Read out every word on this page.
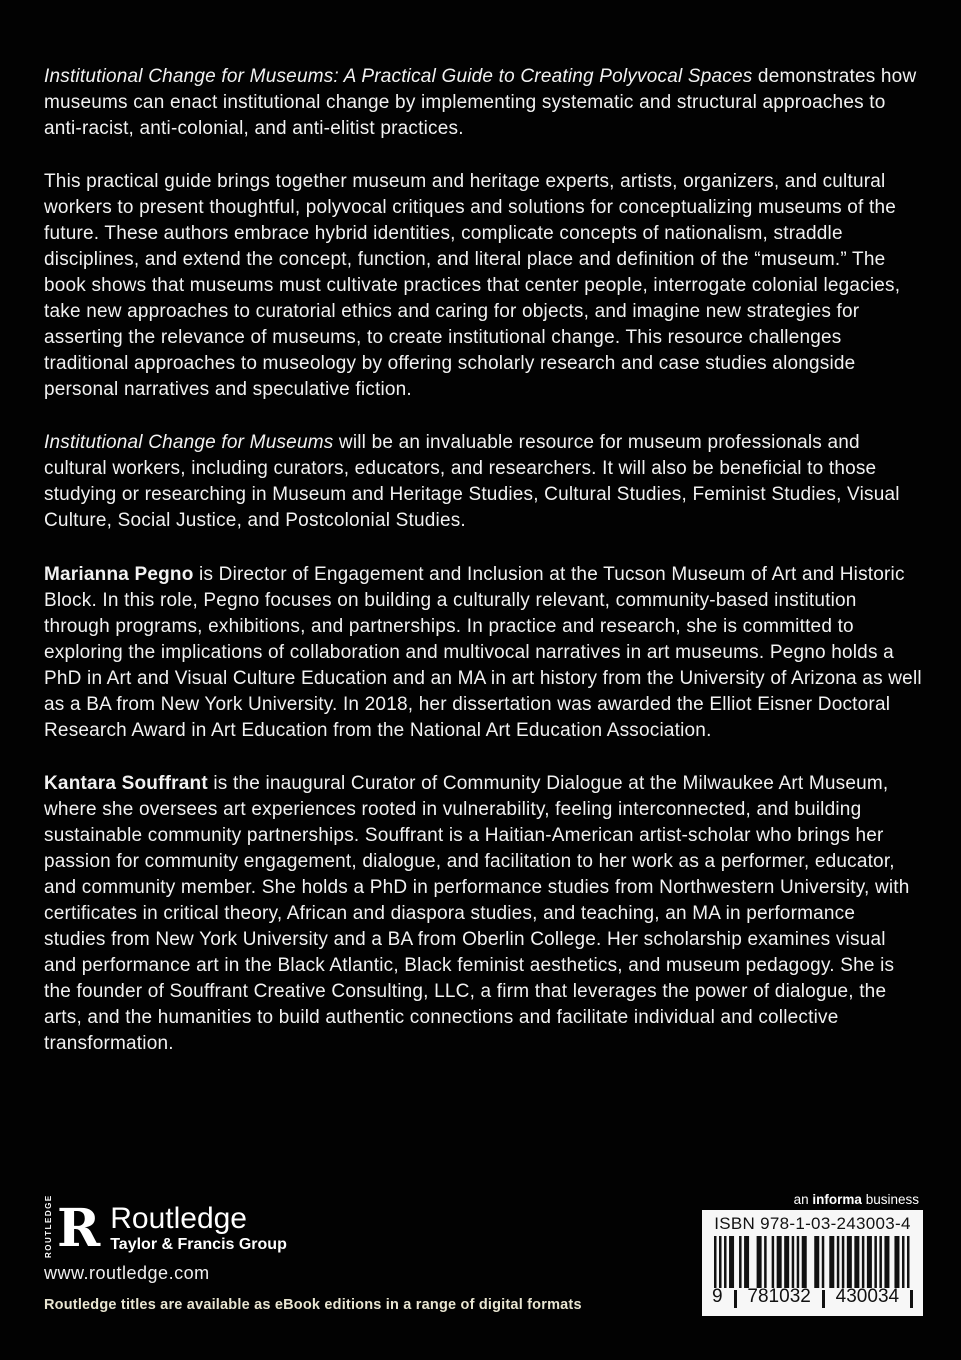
Institutional Change for Museums: A Practical Guide to Creating Polyvocal Spaces demonstrates how museums can enact institutional change by implementing systematic and structural approaches to anti-racist, anti-colonial, and anti-elitist practices.

This practical guide brings together museum and heritage experts, artists, organizers, and cultural workers to present thoughtful, polyvocal critiques and solutions for conceptualizing museums of the future. These authors embrace hybrid identities, complicate concepts of nationalism, straddle disciplines, and extend the concept, function, and literal place and definition of the “museum.” The book shows that museums must cultivate practices that center people, interrogate colonial legacies, take new approaches to curatorial ethics and caring for objects, and imagine new strategies for asserting the relevance of museums, to create institutional change. This resource challenges traditional approaches to museology by offering scholarly research and case studies alongside personal narratives and speculative fiction.

Institutional Change for Museums will be an invaluable resource for museum professionals and cultural workers, including curators, educators, and researchers. It will also be beneficial to those studying or researching in Museum and Heritage Studies, Cultural Studies, Feminist Studies, Visual Culture, Social Justice, and Postcolonial Studies.

Marianna Pegno is Director of Engagement and Inclusion at the Tucson Museum of Art and Historic Block. In this role, Pegno focuses on building a culturally relevant, community-based institution through programs, exhibitions, and partnerships. In practice and research, she is committed to exploring the implications of collaboration and multivocal narratives in art museums. Pegno holds a PhD in Art and Visual Culture Education and an MA in art history from the University of Arizona as well as a BA from New York University. In 2018, her dissertation was awarded the Elliot Eisner Doctoral Research Award in Art Education from the National Art Education Association.

Kantara Souffrant is the inaugural Curator of Community Dialogue at the Milwaukee Art Museum, where she oversees art experiences rooted in vulnerability, feeling interconnected, and building sustainable community partnerships. Souffrant is a Haitian-American artist-scholar who brings her passion for community engagement, dialogue, and facilitation to her work as a performer, educator, and community member. She holds a PhD in performance studies from Northwestern University, with certificates in critical theory, African and diaspora studies, and teaching, an MA in performance studies from New York University and a BA from Oberlin College. Her scholarship examines visual and performance art in the Black Atlantic, Black feminist aesthetics, and museum pedagogy. She is the founder of Souffrant Creative Consulting, LLC, a firm that leverages the power of dialogue, the arts, and the humanities to build authentic connections and facilitate individual and collective transformation.

ROUTLEDGE R Routledge
Taylor & Francis Group
www.routledge.com
Routledge titles are available as eBook editions in a range of digital formats
an informa business
ISBN 978-1-03-243003-4
9 781032 430034
